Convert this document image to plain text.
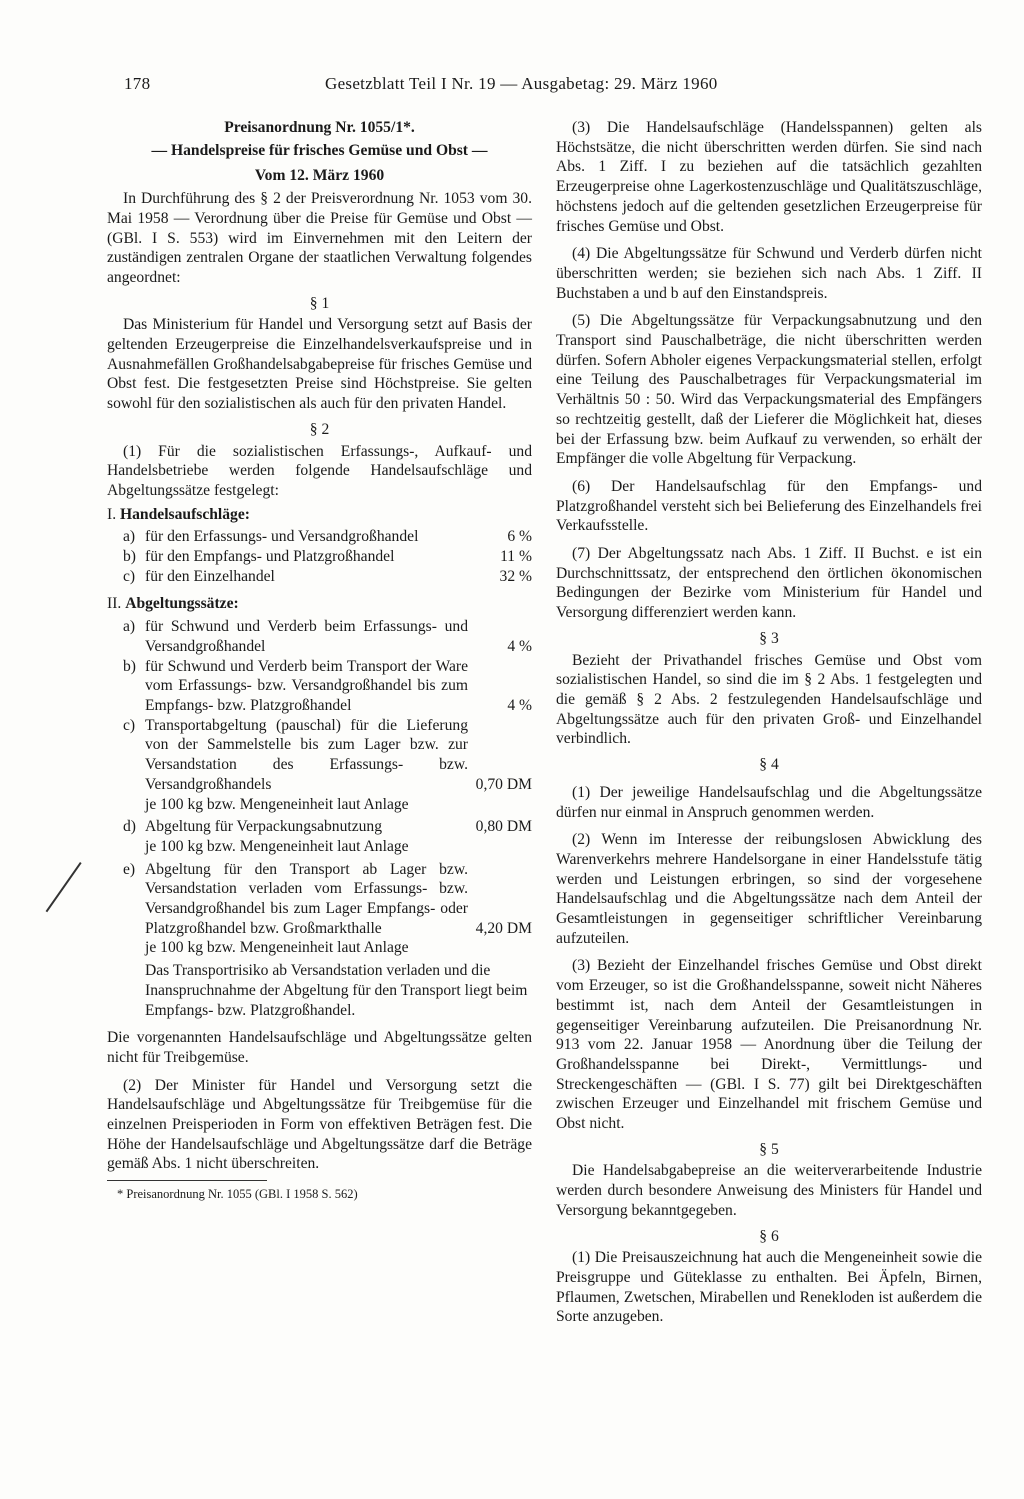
178	Gesetzblatt Teil I Nr. 19 — Ausgabetag: 29. März 1960

Preisanordnung Nr. 1055/1*.

— Handelspreise für frisches Gemüse und Obst —

Vom 12. März 1960

In Durchführung des § 2 der Preisverordnung Nr. 1053 vom 30. Mai 1958 — Verordnung über die Preise für Gemüse und Obst — (GBl. I S. 553) wird im Einvernehmen mit den Leitern der zuständigen zentralen Organe der staatlichen Verwaltung folgendes angeordnet:

§ 1

Das Ministerium für Handel und Versorgung setzt auf Basis der geltenden Erzeugerpreise die Einzelhandelsverkaufspreise und in Ausnahmefällen Großhandelsabgabepreise für frisches Gemüse und Obst fest. Die festgesetzten Preise sind Höchstpreise. Sie gelten sowohl für den sozialistischen als auch für den privaten Handel.

§ 2

(1) Für die sozialistischen Erfassungs-, Aufkauf- und Handelsbetriebe werden folgende Handelsaufschläge und Abgeltungssätze festgelegt:

I. Handelsaufschläge:

a) für den Erfassungs- und Versandgroßhandel	6 %
b) für den Empfangs- und Platzgroßhandel	11 %
c) für den Einzelhandel	32 %

II. Abgeltungssätze:

a) für Schwund und Verderb beim Erfassungs- und Versandgroßhandel	4 %
b) für Schwund und Verderb beim Transport der Ware vom Erfassungs- bzw. Versandgroßhandel bis zum Empfangs- bzw. Platzgroßhandel	4 %
c) Transportabgeltung (pauschal) für die Lieferung von der Sammelstelle bis zum Lager bzw. zur Versandstation des Erfassungs- bzw. Versandgroßhandels	0,70 DM

je 100 kg bzw. Mengeneinheit laut Anlage

d) Abgeltung für Verpackungsabnutzung	0,80 DM

je 100 kg bzw. Mengeneinheit laut Anlage

e) Abgeltung für den Transport ab Lager bzw. Versandstation verladen vom Erfassungs- bzw. Versandgroßhandel bis zum Lager Empfangs- oder Platzgroßhandel bzw. Großmarkthalle	4,20 DM

je 100 kg bzw. Mengeneinheit laut Anlage

Das Transportrisiko ab Versandstation verladen und die Inanspruchnahme der Abgeltung für den Transport liegt beim Empfangs- bzw. Platzgroßhandel.

Die vorgenannten Handelsaufschläge und Abgeltungssätze gelten nicht für Treibgemüse.

(2) Der Minister für Handel und Versorgung setzt die Handelsaufschläge und Abgeltungssätze für Treibgemüse für die einzelnen Preisperioden in Form von effektiven Beträgen fest. Die Höhe der Handelsaufschläge und Abgeltungssätze darf die Beträge gemäß Abs. 1 nicht überschreiten.

* Preisanordnung Nr. 1055 (GBl. I 1958 S. 562)

(3) Die Handelsaufschläge (Handelsspannen) gelten als Höchstsätze, die nicht überschritten werden dürfen. Sie sind nach Abs. 1 Ziff. I zu beziehen auf die tatsächlich gezahlten Erzeugerpreise ohne Lagerkostenzuschläge und Qualitätszuschläge, höchstens jedoch auf die geltenden gesetzlichen Erzeugerpreise für frisches Gemüse und Obst.

(4) Die Abgeltungssätze für Schwund und Verderb dürfen nicht überschritten werden; sie beziehen sich nach Abs. 1 Ziff. II Buchstaben a und b auf den Einstandspreis.

(5) Die Abgeltungssätze für Verpackungsabnutzung und den Transport sind Pauschalbeträge, die nicht überschritten werden dürfen. Sofern Abholer eigenes Verpackungsmaterial stellen, erfolgt eine Teilung des Pauschalbetrages für Verpackungsmaterial im Verhältnis 50 : 50. Wird das Verpackungsmaterial des Empfängers so rechtzeitig gestellt, daß der Lieferer die Möglichkeit hat, dieses bei der Erfassung bzw. beim Aufkauf zu verwenden, so erhält der Empfänger die volle Abgeltung für Verpackung.

(6) Der Handelsaufschlag für den Empfangs- und Platzgroßhandel versteht sich bei Belieferung des Einzelhandels frei Verkaufsstelle.

(7) Der Abgeltungssatz nach Abs. 1 Ziff. II Buchst. e ist ein Durchschnittssatz, der entsprechend den örtlichen ökonomischen Bedingungen der Bezirke vom Ministerium für Handel und Versorgung differenziert werden kann.

§ 3

Bezieht der Privathandel frisches Gemüse und Obst vom sozialistischen Handel, so sind die im § 2 Abs. 1 festgelegten und die gemäß § 2 Abs. 2 festzulegenden Handelsaufschläge und Abgeltungssätze auch für den privaten Groß- und Einzelhandel verbindlich.

§ 4

(1) Der jeweilige Handelsaufschlag und die Abgeltungssätze dürfen nur einmal in Anspruch genommen werden.

(2) Wenn im Interesse der reibungslosen Abwicklung des Warenverkehrs mehrere Handelsorgane in einer Handelsstufe tätig werden und Leistungen erbringen, so sind der vorgesehene Handelsaufschlag und die Abgeltungssätze nach dem Anteil der Gesamtleistungen in gegenseitiger schriftlicher Vereinbarung aufzuteilen.

(3) Bezieht der Einzelhandel frisches Gemüse und Obst direkt vom Erzeuger, so ist die Großhandelsspanne, soweit nicht Näheres bestimmt ist, nach dem Anteil der Gesamtleistungen in gegenseitiger Vereinbarung aufzuteilen. Die Preisanordnung Nr. 913 vom 22. Januar 1958 — Anordnung über die Teilung der Großhandelsspanne bei Direkt-, Vermittlungs- und Streckengeschäften — (GBl. I S. 77) gilt bei Direktgeschäften zwischen Erzeuger und Einzelhandel mit frischem Gemüse und Obst nicht.

§ 5

Die Handelsabgabepreise an die weiterverarbeitende Industrie werden durch besondere Anweisung des Ministers für Handel und Versorgung bekanntgegeben.

§ 6

(1) Die Preisauszeichnung hat auch die Mengeneinheit sowie die Preisgruppe und Güteklasse zu enthalten. Bei Äpfeln, Birnen, Pflaumen, Zwetschen, Mirabellen und Renekloden ist außerdem die Sorte anzugeben.
